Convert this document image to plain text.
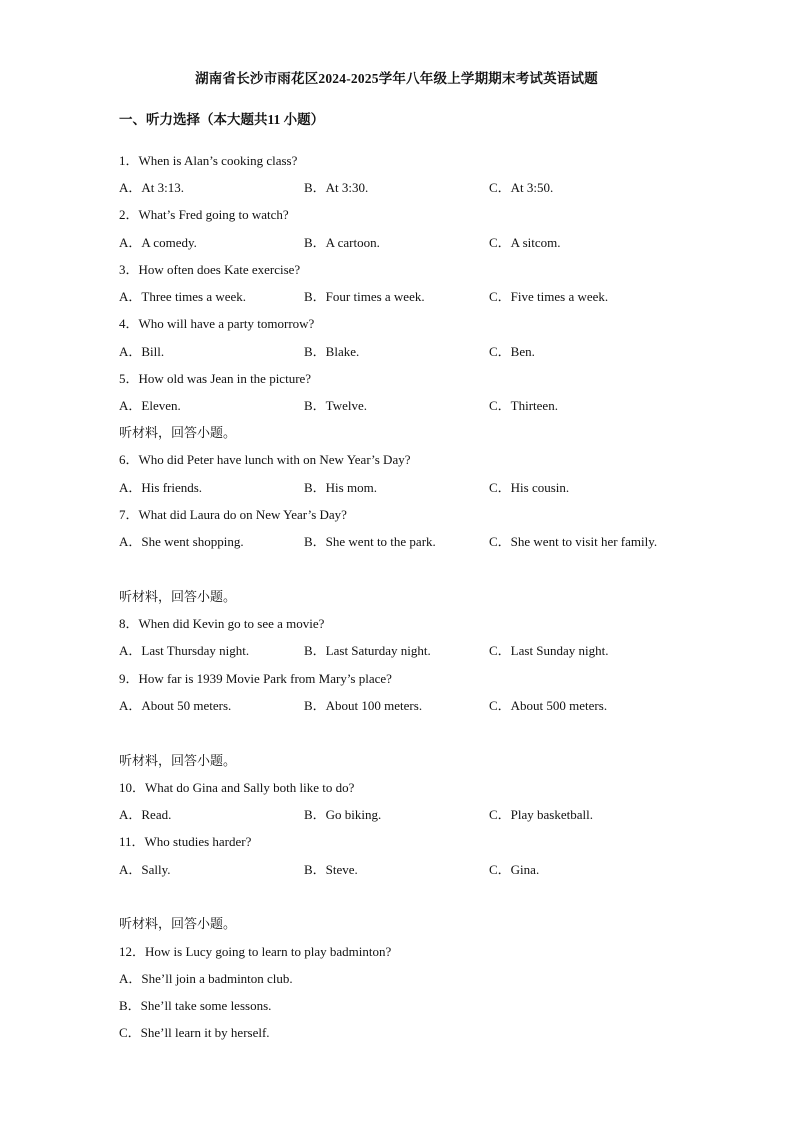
湖南省长沙市雨花区2024-2025学年八年级上学期期末考试英语试题
一、听力选择（本大题共11 小题）
1．When is Alan’s cooking class?
A．At 3:13.	B．At 3:30.	C．At 3:50.
2．What’s Fred going to watch?
A．A comedy.	B．A cartoon.	C．A sitcom.
3．How often does Kate exercise?
A．Three times a week.	B．Four times a week.	C．Five times a week.
4．Who will have a party tomorrow?
A．Bill.	B．Blake.	C．Ben.
5．How old was Jean in the picture?
A．Eleven.	B．Twelve.	C．Thirteen.
听材料，回答小题。
6．Who did Peter have lunch with on New Year’s Day?
A．His friends.	B．His mom.	C．His cousin.
7．What did Laura do on New Year’s Day?
A．She went shopping.	B．She went to the park.	C．She went to visit her family.
听材料，回答小题。
8．When did Kevin go to see a movie?
A．Last Thursday night.	B．Last Saturday night.	C．Last Sunday night.
9．How far is 1939 Movie Park from Mary’s place?
A．About 50 meters.	B．About 100 meters.	C．About 500 meters.
听材料，回答小题。
10．What do Gina and Sally both like to do?
A．Read.	B．Go biking.	C．Play basketball.
11．Who studies harder?
A．Sally.	B．Steve.	C．Gina.
听材料，回答小题。
12．How is Lucy going to learn to play badminton?
A．She’ll join a badminton club.
B．She’ll take some lessons.
C．She’ll learn it by herself.
